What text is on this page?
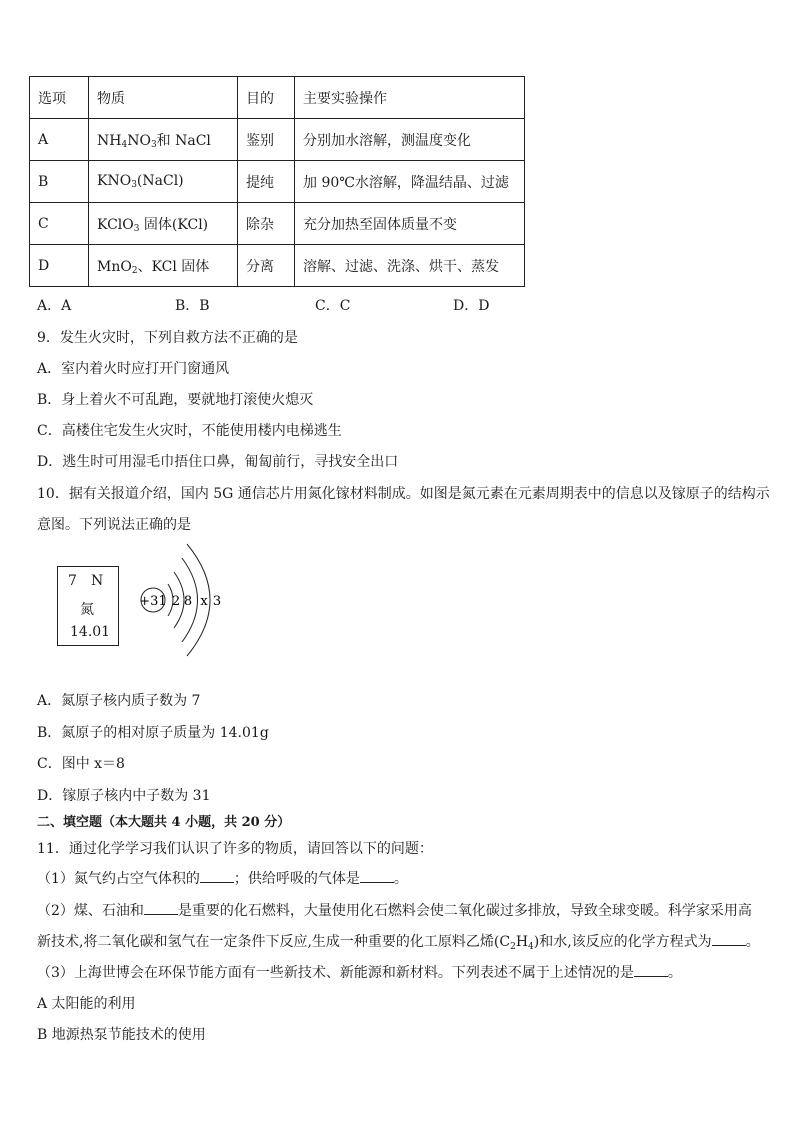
选项	物质	目的	主要实验操作
A	$NH_4NO_3$和 NaCl	鉴别	分别加水溶解，测温度变化
B	$KNO_3(NaCl)$	提纯	加 90℃水溶解，降温结晶、过滤
C	KClO$_3$ 固体(KCl)	除杂	充分加热至固体质量不变
D	MnO$_2$、KCl 固体	分离	溶解、过滤、洗涤、烘干、蒸发
A．A	B．B	C．C	D．D
9．发生火灾时，下列自救方法不正确的是
A．室内着火时应打开门窗通风
B．身上着火不可乱跑，要就地打滚使火熄灭
C．高楼住宅发生火灾时，不能使用楼内电梯逃生
D．逃生时可用湿毛巾捂住口鼻，匍匐前行，寻找安全出口
10．据有关报道介绍，国内 5G 通信芯片用氮化镓材料制成。如图是氮元素在元素周期表中的信息以及镓原子的结构示
意图。下列说法正确的是
7 N
氮
14.01
+31 2 8 x 3
A．氮原子核内质子数为 7
B．氮原子的相对原子质量为 14.01g
C．图中 x＝8
D．镓原子核内中子数为 31
二、填空题（本大题共 4 小题，共 20 分）
11．通过化学学习我们认识了许多的物质，请回答以下的问题：
（1）氮气约占空气体积的 ；供给呼吸的气体是 。
（2）煤、石油和 是重要的化石燃料，大量使用化石燃料会使二氧化碳过多排放，导致全球变暖。科学家采用高
新技术,将二氧化碳和氢气在一定条件下反应,生成一种重要的化工原料乙烯$(C_2H_4)$和水,该反应的化学方程式为 。
（3）上海世博会在环保节能方面有一些新技术、新能源和新材料。下列表述不属于上述情况的是 。
A 太阳能的利用
B 地源热泵节能技术的使用
